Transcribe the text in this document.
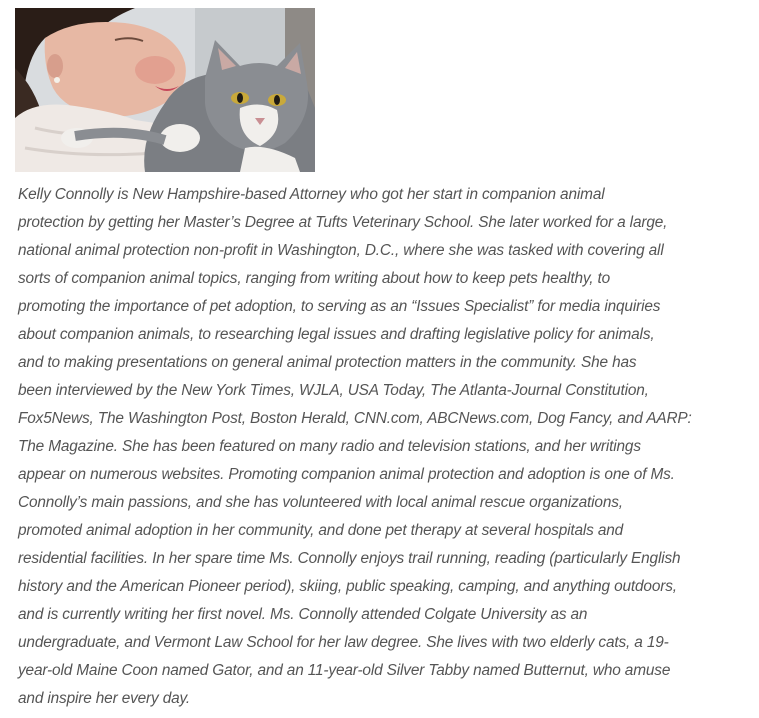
Kelly Connolly is New Hampshire-based Attorney who got her start in companion animal
protection by getting her Master’s Degree at Tufts Veterinary School. She later worked for a large,
national animal protection non-profit in Washington, D.C., where she was tasked with covering all
sorts of companion animal topics, ranging from writing about how to keep pets healthy, to
promoting the importance of pet adoption, to serving as an “Issues Specialist” for media inquiries
about companion animals, to researching legal issues and drafting legislative policy for animals,
and to making presentations on general animal protection matters in the community. She has
been interviewed by the New York Times, WJLA, USA Today, The Atlanta-Journal Constitution,
Fox5News, The Washington Post, Boston Herald, CNN.com, ABCNews.com, Dog Fancy, and AARP:
The Magazine. She has been featured on many radio and television stations, and her writings
appear on numerous websites. Promoting companion animal protection and adoption is one of Ms.
Connolly’s main passions, and she has volunteered with local animal rescue organizations,
promoted animal adoption in her community, and done pet therapy at several hospitals and
residential facilities. In her spare time Ms. Connolly enjoys trail running, reading (particularly English
history and the American Pioneer period), skiing, public speaking, camping, and anything outdoors,
and is currently writing her first novel. Ms. Connolly attended Colgate University as an
undergraduate, and Vermont Law School for her law degree. She lives with two elderly cats, a 19-
year-old Maine Coon named Gator, and an 11-year-old Silver Tabby named Butternut, who amuse
and inspire her every day.
